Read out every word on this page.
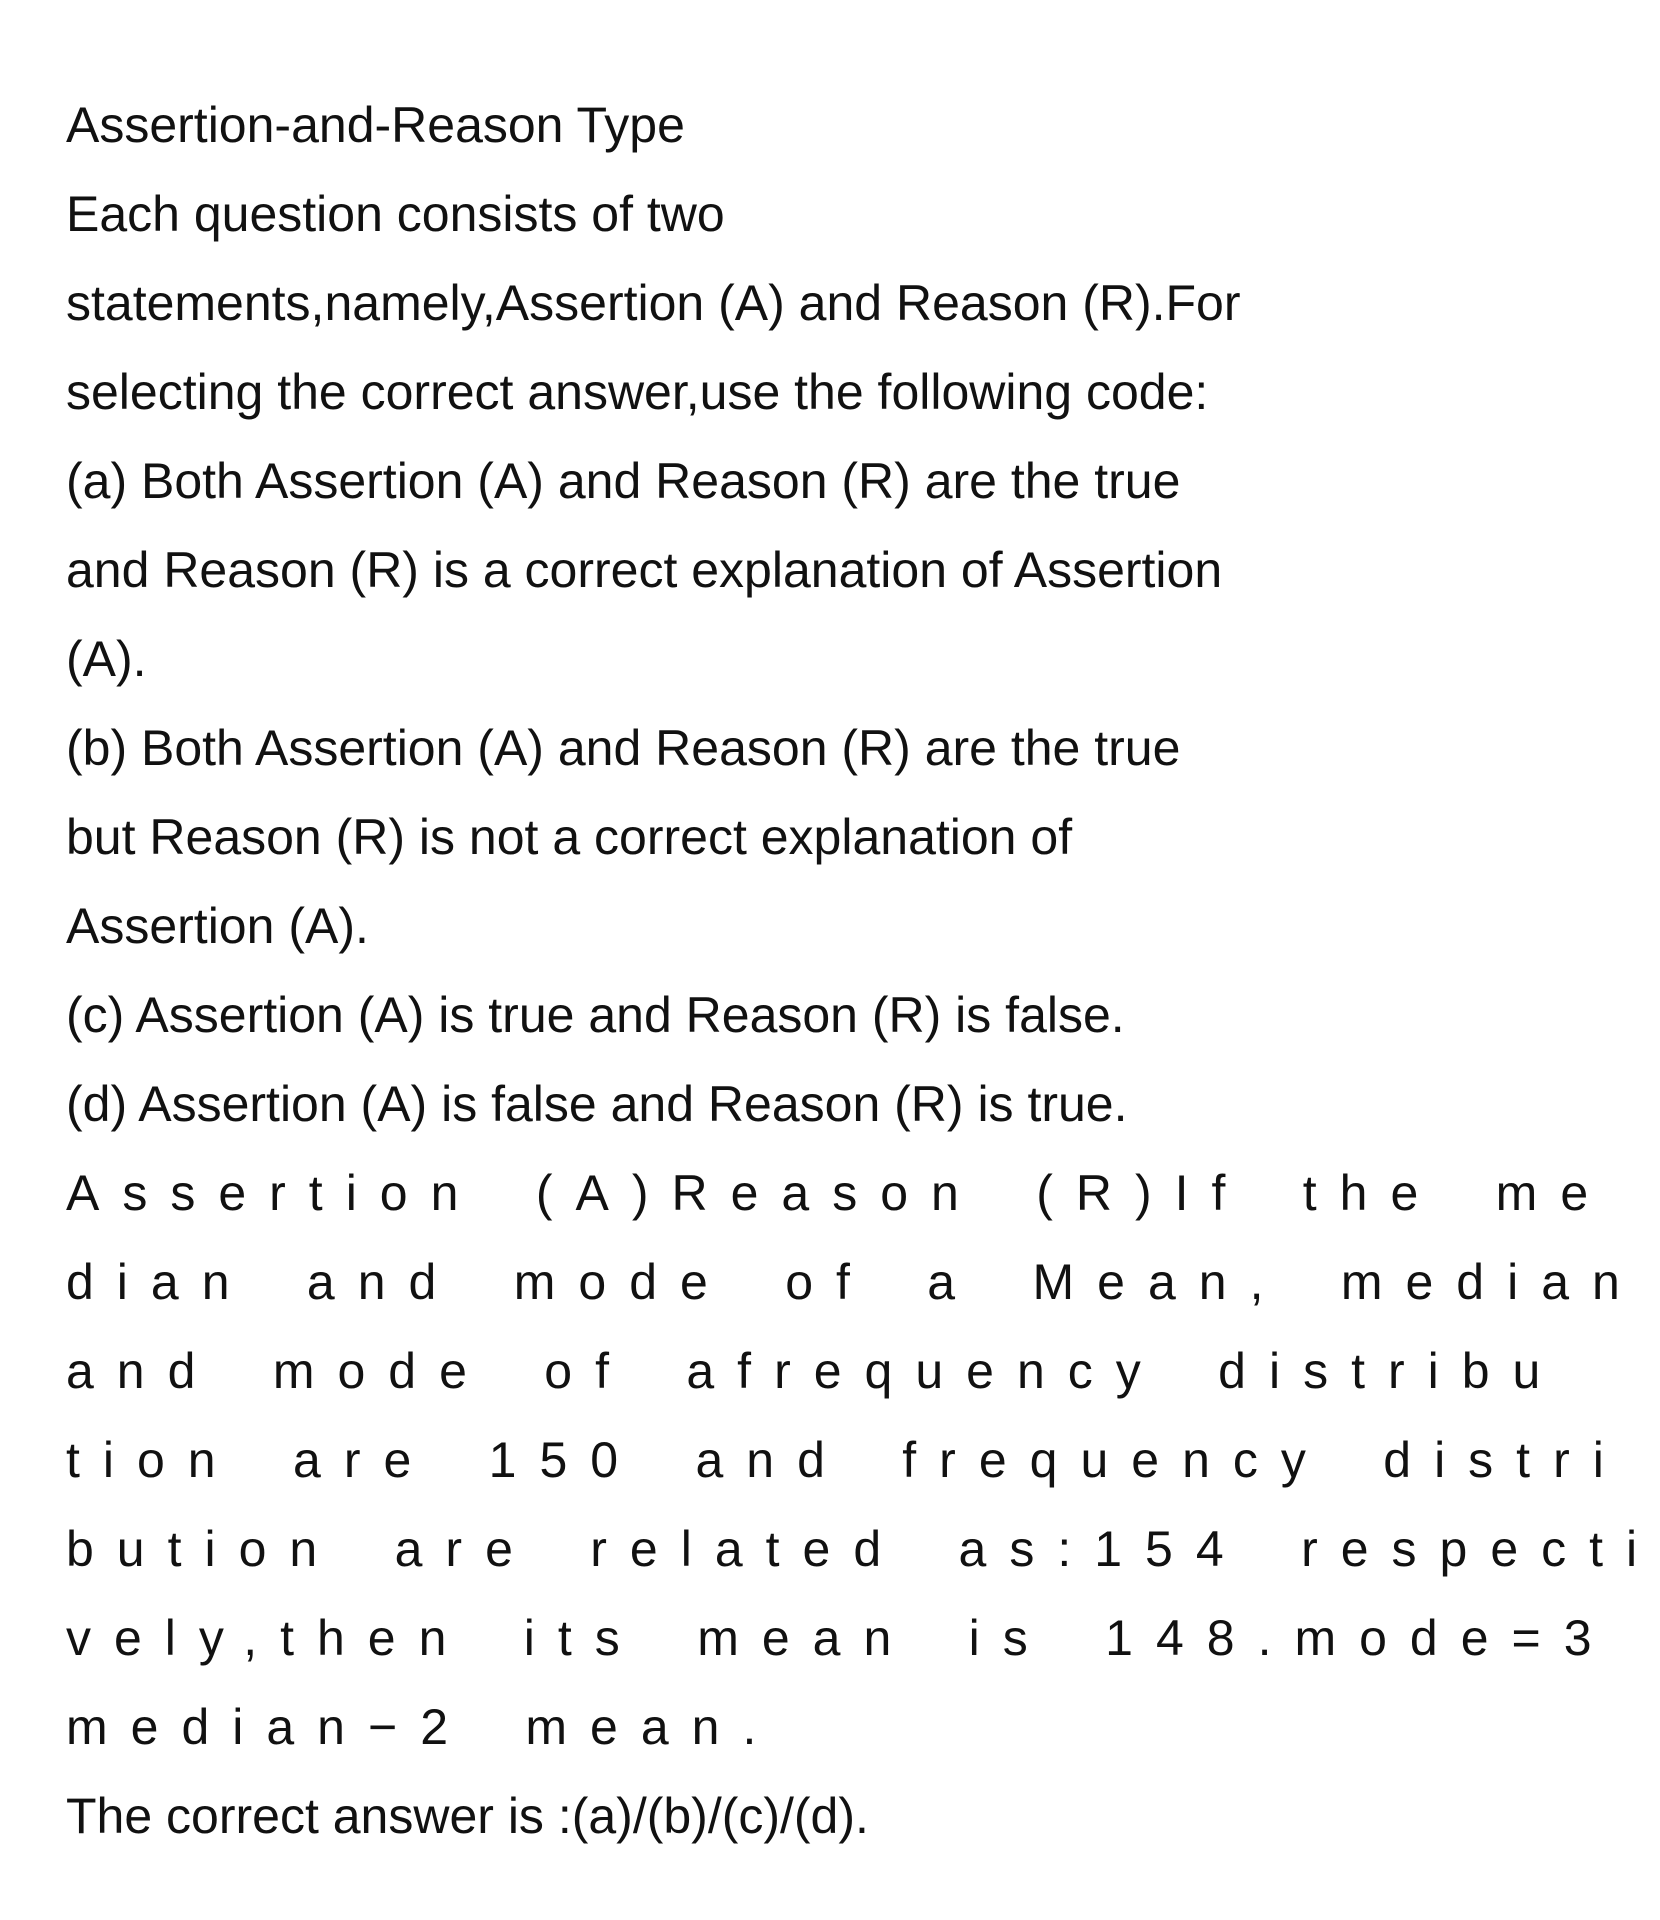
Assertion-and-Reason Type
Each question consists of two
statements,namely,Assertion (A) and Reason (R).For
selecting the correct answer,use the following code:
(a) Both Assertion (A) and Reason (R) are the true
and Reason (R) is a correct explanation of Assertion
(A).
(b) Both Assertion (A) and Reason (R) are the true
but Reason (R) is not a correct explanation of
Assertion (A).
(c) Assertion (A) is true and Reason (R) is false.
(d) Assertion (A) is false and Reason (R) is true.
Assertion (A)Reason (R)If the me
dian and mode of a Mean, median
and mode of afrequency distribu
tion are 150 and frequency distri
bution are related as:154 respecti
vely,then its mean is 148.mode=3
median−2 mean.
The correct answer is :(a)/(b)/(c)/(d).
